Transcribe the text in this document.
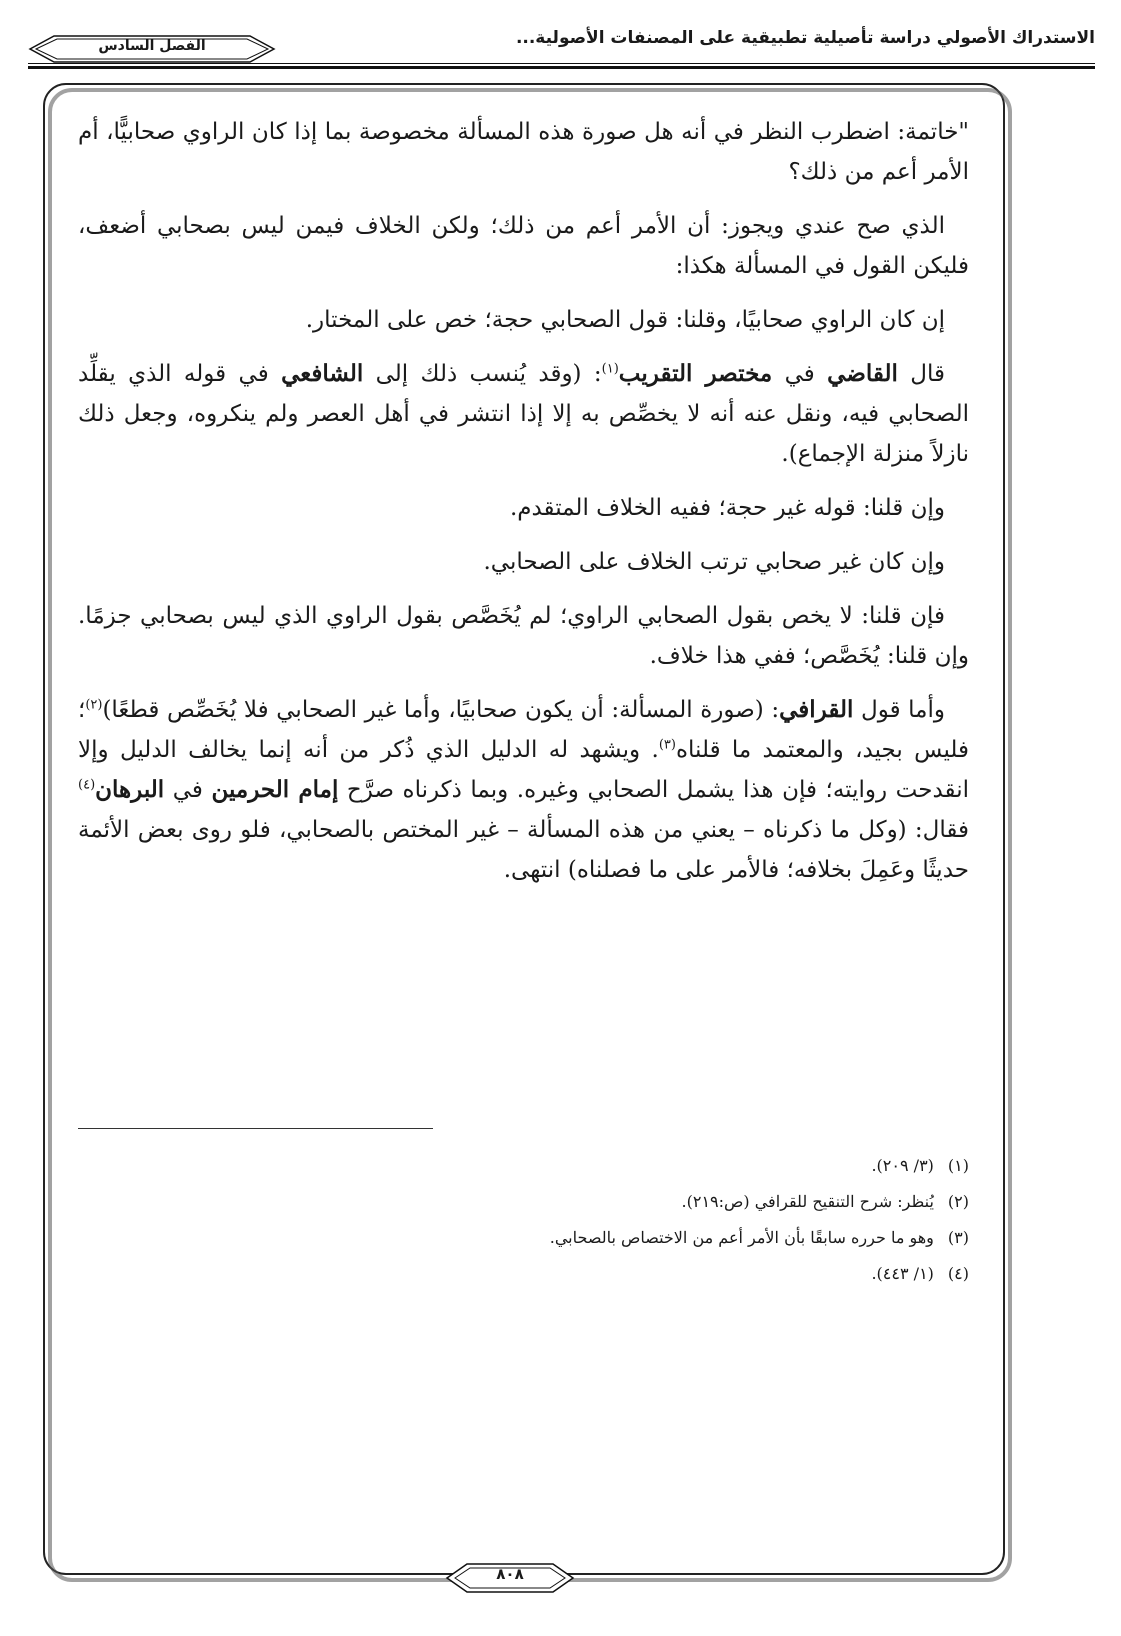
الاستدراك الأصولي دراسة تأصيلية تطبيقية على المصنفات الأصولية...
الفصل السادس

"خاتمة: اضطرب النظر في أنه هل صورة هذه المسألة مخصوصة بما إذا كان الراوي صحابيًّا، أم الأمر أعم من ذلك؟

الذي صح عندي ويجوز: أن الأمر أعم من ذلك؛ ولكن الخلاف فيمن ليس بصحابي أضعف، فليكن القول في المسألة هكذا:

إن كان الراوي صحابيًا، وقلنا: قول الصحابي حجة؛ خص على المختار.

قال القاضي في مختصر التقريب$^{(١)}$: (وقد يُنسب ذلك إلى الشافعي في قوله الذي يقلِّد الصحابي فيه، ونقل عنه أنه لا يخصِّص به إلا إذا انتشر في أهل العصر ولم ينكروه، وجعل ذلك نازلاً منزلة الإجماع).

وإن قلنا: قوله غير حجة؛ ففيه الخلاف المتقدم.

وإن كان غير صحابي ترتب الخلاف على الصحابي.

فإن قلنا: لا يخص بقول الصحابي الراوي؛ لم يُخَصَّص بقول الراوي الذي ليس بصحابي جزمًا. وإن قلنا: يُخَصَّص؛ ففي هذا خلاف.

وأما قول القرافي: (صورة المسألة: أن يكون صحابيًا، وأما غير الصحابي فلا يُخَصِّص قطعًا)$^{(٢)}$؛ فليس بجيد، والمعتمد ما قلناه$^{(٣)}$. ويشهد له الدليل الذي ذُكر من أنه إنما يخالف الدليل وإلا انقدحت روايته؛ فإن هذا يشمل الصحابي وغيره. وبما ذكرناه صرَّح إمام الحرمين في البرهان$^{(٤)}$ فقال: (وكل ما ذكرناه – يعني من هذه المسألة – غير المختص بالصحابي، فلو روى بعض الأئمة حديثًا وعَمِلَ بخلافه؛ فالأمر على ما فصلناه) انتهى.

(١)(٣/ ٢٠٩).
(٢)يُنظر: شرح التنقيح للقرافي (ص:٢١٩).
(٣)وهو ما حرره سابقًا بأن الأمر أعم من الاختصاص بالصحابي.
(٤)(١/ ٤٤٣).
٨٠٨
